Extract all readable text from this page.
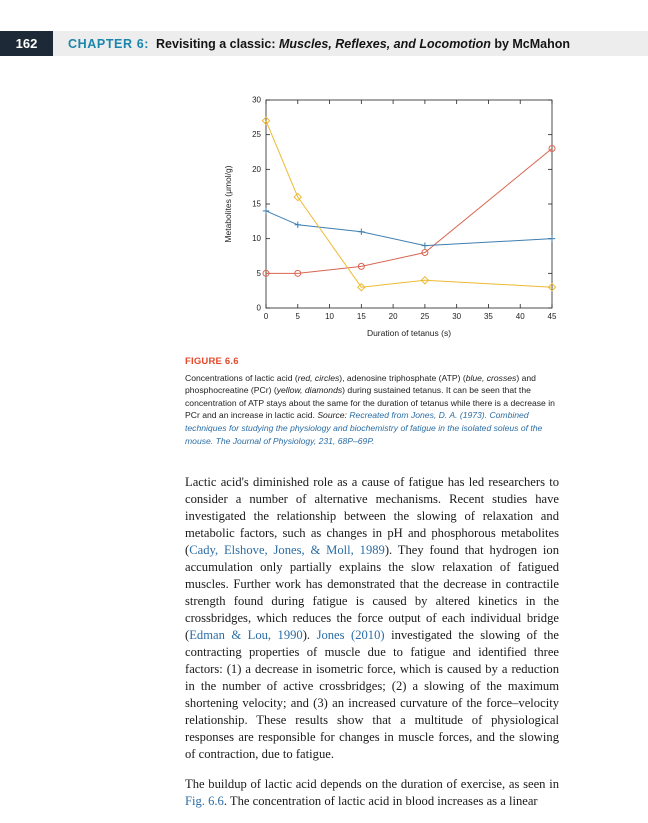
162	CHAPTER 6: Revisiting a classic: Muscles, Reflexes, and Locomotion by McMahon
0	5	10	15	20	25	30	35	40	45
0
5
10
15
20
25
30
Duration of tetanus (s)
Metabolites (μmol/g)
FIGURE 6.6
Concentrations of lactic acid (red, circles), adenosine triphosphate (ATP) (blue, crosses) and phosphocreatine (PCr) (yellow, diamonds) during sustained tetanus. It can be seen that the concentration of ATP stays about the same for the duration of tetanus while there is a decrease in PCr and an increase in lactic acid. Source: Recreated from Jones, D. A. (1973). Combined techniques for studying the physiology and biochemistry of fatigue in the isolated soleus of the mouse. The Journal of Physiology, 231, 68P–69P.

Lactic acid's diminished role as a cause of fatigue has led researchers to consider a number of alternative mechanisms. Recent studies have investigated the relationship between the slowing of relaxation and metabolic factors, such as changes in pH and phosphorous metabolites (Cady, Elshove, Jones, & Moll, 1989). They found that hydrogen ion accumulation only partially explains the slow relaxation of fatigued muscles. Further work has demonstrated that the decrease in contractile strength found during fatigue is caused by altered kinetics in the crossbridges, which reduces the force output of each individual bridge (Edman & Lou, 1990). Jones (2010) investigated the slowing of the contracting properties of muscle due to fatigue and identified three factors: (1) a decrease in isometric force, which is caused by a reduction in the number of active crossbridges; (2) a slowing of the maximum shortening velocity; and (3) an increased curvature of the force–velocity relationship. These results show that a multitude of physiological responses are responsible for changes in muscle forces, and the slowing of contraction, due to fatigue.

The buildup of lactic acid depends on the duration of exercise, as seen in Fig. 6.6. The concentration of lactic acid in blood increases as a linear
